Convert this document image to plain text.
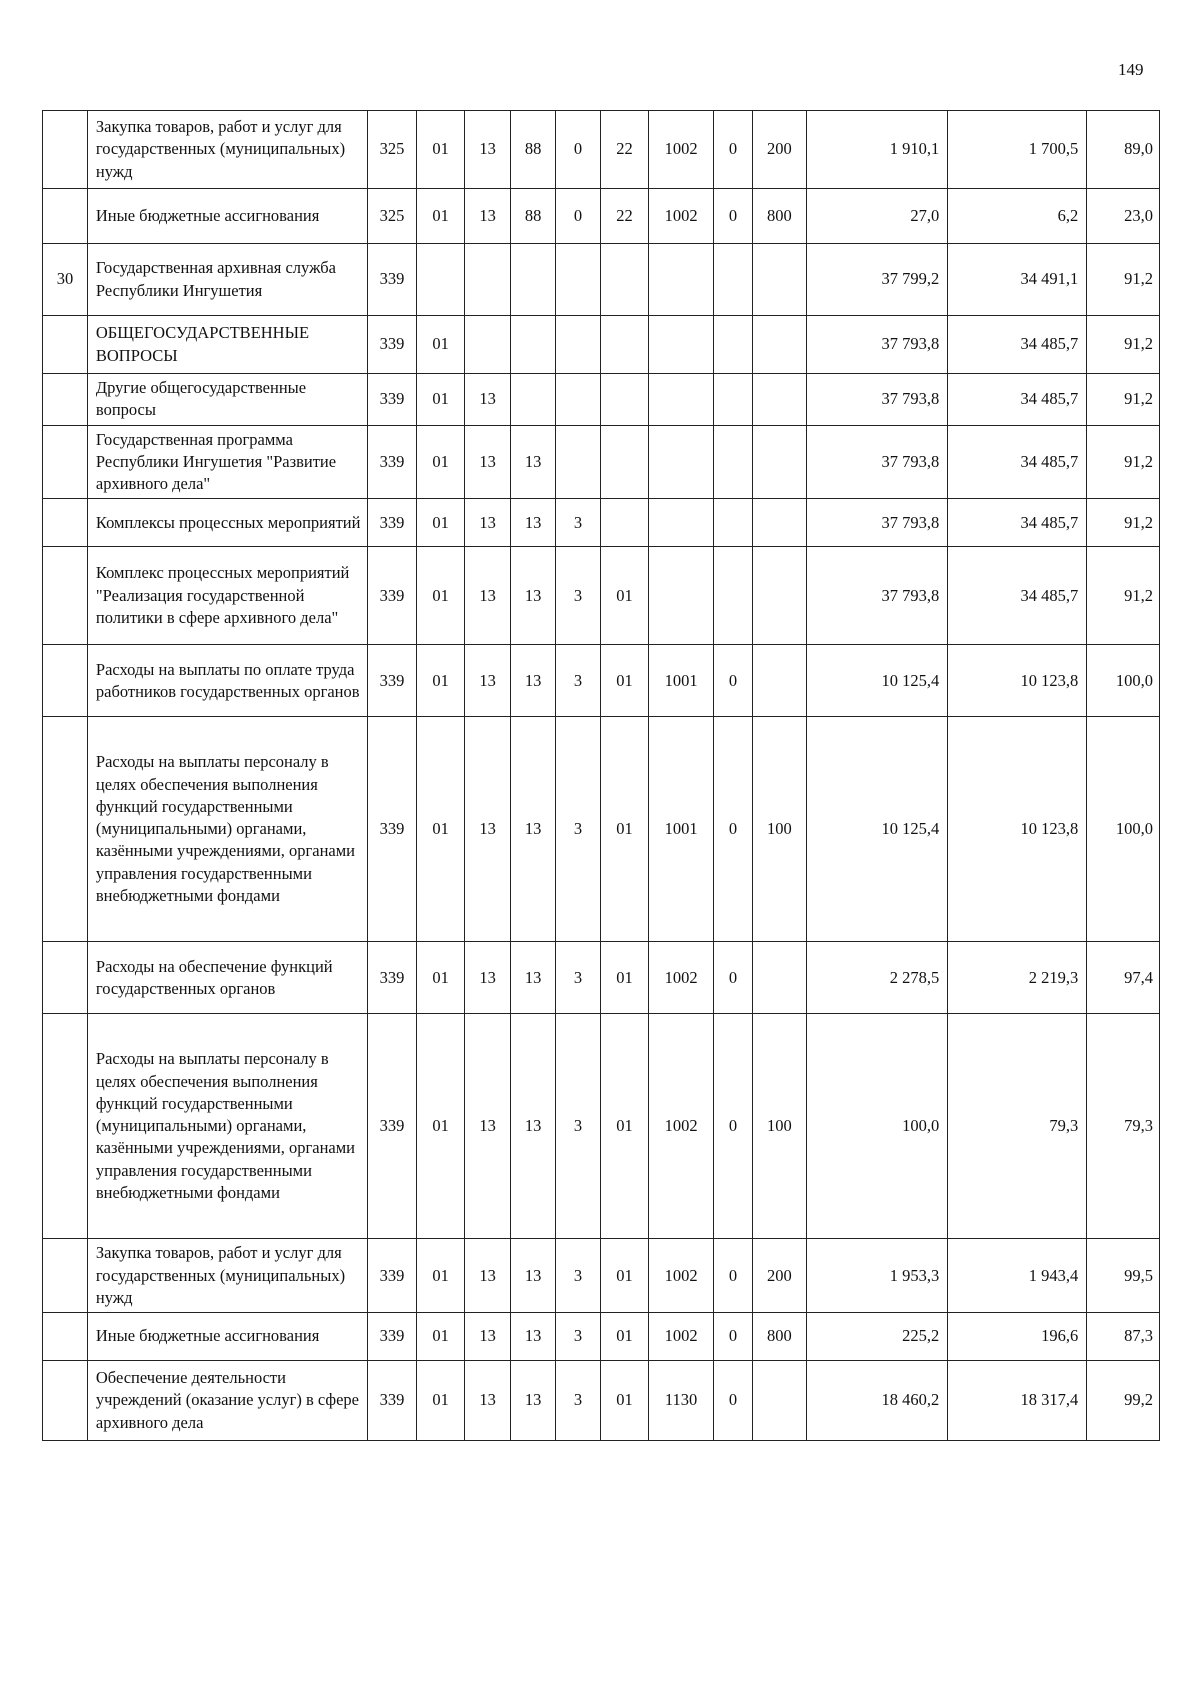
149
	Закупка товаров, работ и услуг для государственных (муниципальных) нужд	325	01	13	88	0	22	1002	0	200	1 910,1	1 700,5	89,0
	Иные бюджетные ассигнования	325	01	13	88	0	22	1002	0	800	27,0	6,2	23,0
30	Государственная архивная служба Республики Ингушетия	339									37 799,2	34 491,1	91,2
	ОБЩЕГОСУДАРСТВЕННЫЕ ВОПРОСЫ	339	01								37 793,8	34 485,7	91,2
	Другие общегосударственные вопросы	339	01	13							37 793,8	34 485,7	91,2
	Государственная программа Республики Ингушетия "Развитие архивного дела"	339	01	13	13						37 793,8	34 485,7	91,2
	Комплексы процессных мероприятий	339	01	13	13	3					37 793,8	34 485,7	91,2
	Комплекс процессных мероприятий "Реализация государственной политики в сфере архивного дела"	339	01	13	13	3	01				37 793,8	34 485,7	91,2
	Расходы на выплаты по оплате труда работников государственных органов	339	01	13	13	3	01	1001	0		10 125,4	10 123,8	100,0
	Расходы на выплаты персоналу в целях обеспечения выполнения функций государственными (муниципальными) органами, казёнными учреждениями, органами управления государственными внебюджетными фондами	339	01	13	13	3	01	1001	0	100	10 125,4	10 123,8	100,0
	Расходы на обеспечение функций государственных органов	339	01	13	13	3	01	1002	0		2 278,5	2 219,3	97,4
	Расходы на выплаты персоналу в целях обеспечения выполнения функций государственными (муниципальными) органами, казёнными учреждениями, органами управления государственными внебюджетными фондами	339	01	13	13	3	01	1002	0	100	100,0	79,3	79,3
	Закупка товаров, работ и услуг для государственных (муниципальных) нужд	339	01	13	13	3	01	1002	0	200	1 953,3	1 943,4	99,5
	Иные бюджетные ассигнования	339	01	13	13	3	01	1002	0	800	225,2	196,6	87,3
	Обеспечение деятельности учреждений (оказание услуг) в сфере архивного дела	339	01	13	13	3	01	1130	0		18 460,2	18 317,4	99,2
